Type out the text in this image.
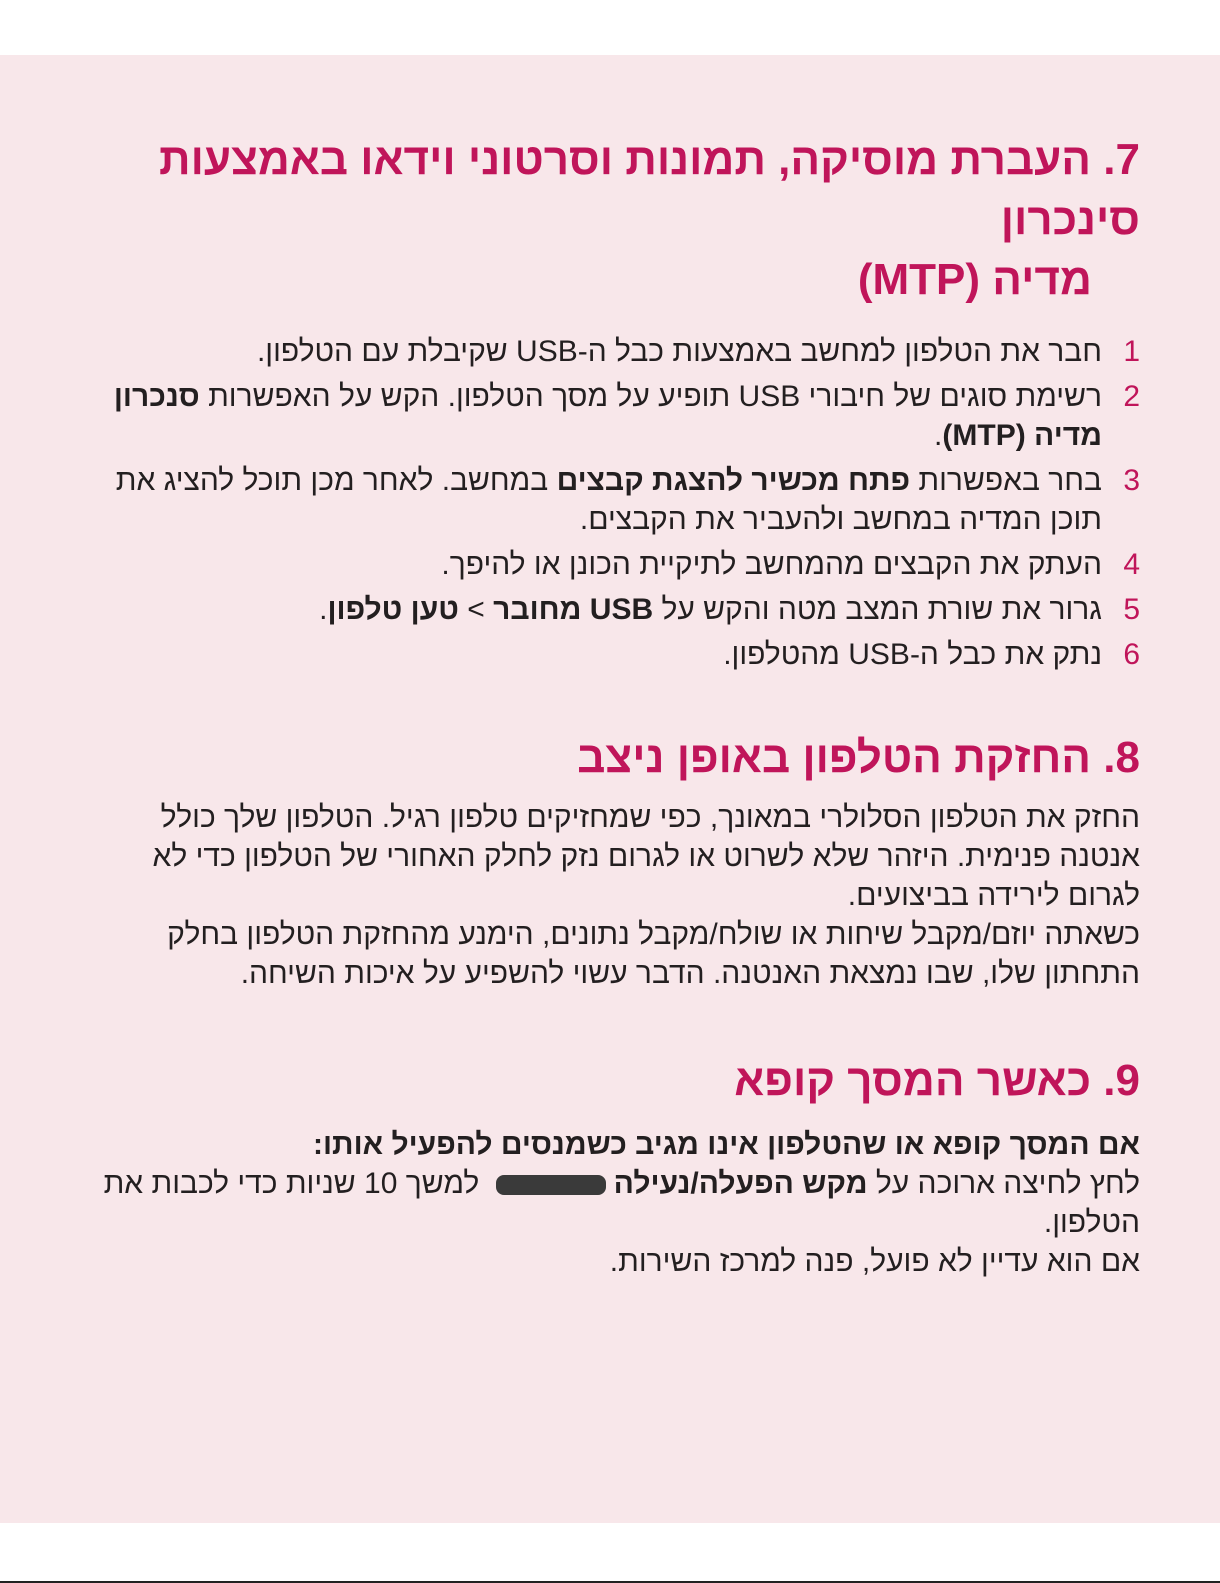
7. העברת מוסיקה, תמונות וסרטוני וידאו באמצעות סינכרון
מדיה (MTP)
1
חבר את הטלפון למחשב באמצעות כבל ה-USB שקיבלת עם הטלפון.
2
רשימת סוגים של חיבורי USB תופיע על מסך הטלפון. הקש על האפשרות סנכרון מדיה (MTP).
3
בחר באפשרות פתח מכשיר להצגת קבצים במחשב. לאחר מכן תוכל להציג את תוכן המדיה במחשב ולהעביר את הקבצים.
4
העתק את הקבצים מהמחשב לתיקיית הכונן או להיפך.
5
גרור את שורת המצב מטה והקש על USB מחובר > טען טלפון.
6
נתק את כבל ה-USB מהטלפון.
8. החזקת הטלפון באופן ניצב

החזק את הטלפון הסלולרי במאונך, כפי שמחזיקים טלפון רגיל. הטלפון שלך כולל אנטנה פנימית. היזהר שלא לשרוט או לגרום נזק לחלק האחורי של הטלפון כדי לא לגרום לירידה בביצועים.

כשאתה יוזם/מקבל שיחות או שולח/מקבל נתונים, הימנע מהחזקת הטלפון בחלק התחתון שלו, שבו נמצאת האנטנה. הדבר עשוי להשפיע על איכות השיחה.

9. כאשר המסך קופא

אם המסך קופא או שהטלפון אינו מגיב כשמנסים להפעיל אותו:

לחץ לחיצה ארוכה על מקש הפעלה/נעילה למשך 10 שניות כדי לכבות את הטלפון.

אם הוא עדיין לא פועל, פנה למרכז השירות.
